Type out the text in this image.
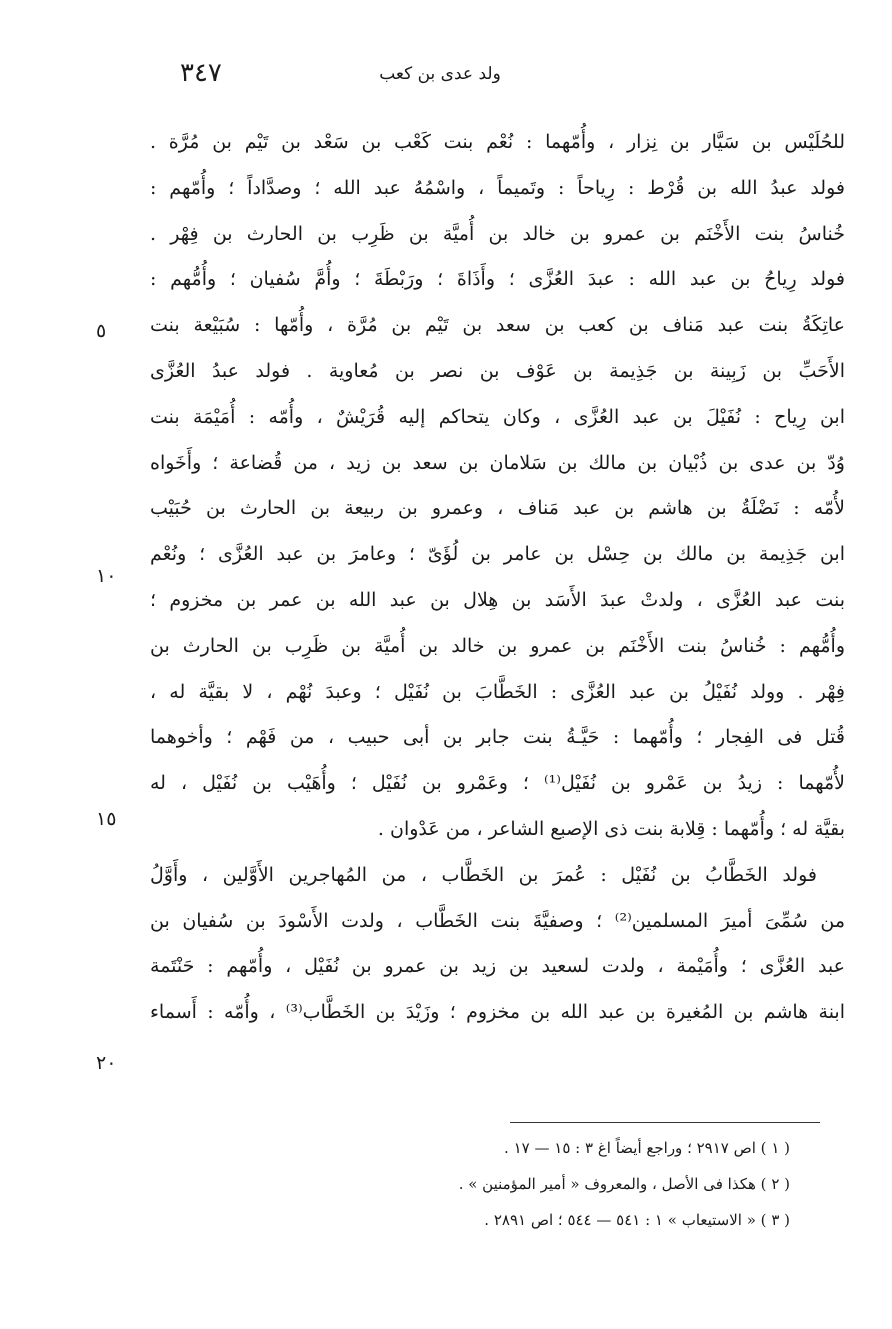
٣٤٧	ولد عدى بن كعب
للحُلَيْس بن سَيَّار بن نِزار ، وأُمّهما : نُعْم بنت كَعْب بن سَعْد بن تَيْم بن مُرَّة .
فولد عبدُ الله بن قُرْط : رِياحاً : وتَميماً ، واسْمُهُ عبد الله ؛ وصدَّاداً ؛ وأُمّهم :
خُناسُ بنت الأَخْنَم بن عمرو بن خالد بن أُميَّة بن ظَرِب بن الحارث بن فِهْر .
فولد رِياحُ بن عبد الله : عبدَ العُزَّى ؛ وأَذَاةَ ؛ ورَبْطَةَ ؛ وأُمَّ سُفيان ؛ وأُمُّهم :
عاتِكَةُ بنت عبد مَناف بن كعب بن سعد بن تَيْم بن مُرَّة ، وأُمّها : سُبَيْعة بنت
الأَحَبِّ بن زَبِينة بن جَذِيمة بن عَوْف بن نصر بن مُعاوية . فولد عبدُ العُزَّى
ابن رِياح : نُفَيْلَ بن عبد العُزَّى ، وكان يتحاكم إليه قُرَيْشٌ ، وأُمّه : أُمَيْمَة بنت
وُدّ بن عدى بن ذُبْيان بن مالك بن سَلامان بن سعد بن زيد ، من قُضاعة ؛ وأَخَواه
لأُمّه : نَضْلَةُ بن هاشم بن عبد مَناف ، وعمرو بن ربيعة بن الحارث بن حُبَيْب
ابن جَذِيمة بن مالك بن حِسْل بن عامر بن لُؤَىّ ؛ وعامرَ بن عبد العُزَّى ؛ ونُعْم
بنت عبد العُزَّى ، ولدتْ عبدَ الأَسَد بن هِلال بن عبد الله بن عمر بن مخزوم ؛
وأُمُّهم : خُناسُ بنت الأَخْنَم بن عمرو بن خالد بن أُميَّة بن ظَرِب بن الحارث بن
فِهْر . وولد نُفَيْلُ بن عبد العُزَّى : الخَطَّابَ بن نُفَيْل ؛ وعبدَ نُهْم ، لا بقيَّة له ،
قُتل فى الفِجار ؛ وأُمّهما : حَيَّـةُ بنت جابر بن أبى حبيب ، من فَهْم ؛ وأخوهما
لأُمّهما : زيدُ بن عَمْرو بن نُفَيْل⁽¹⁾ ؛ وعَمْرو بن نُفَيْل ؛ وأُهَيْب بن نُفَيْل ، له
بقيَّة له ؛ وأُمّهما : قِلابة بنت ذى الإصبع الشاعر ، من عَدْوان .
فولد الخَطَّابُ بن نُفَيْل : عُمرَ بن الخَطَّاب ، من المُهاجرين الأَوَّلين ، وأَوَّلُ
من سُمِّىَ أميرَ المسلمين⁽²⁾ ؛ وصفيَّةَ بنت الخَطَّاب ، ولدت الأَسْودَ بن سُفيان بن
عبد العُزَّى ؛ وأُمَيْمة ، ولدت لسعيد بن زيد بن عمرو بن نُفَيْل ، وأُمّهم : حَنْتَمة
ابنة هاشم بن المُغيرة بن عبد الله بن مخزوم ؛ وزَيْدَ بن الخَطَّاب⁽³⁾ ، وأُمّه : أَسماء
٥
١٠
١٥
٢٠
( ١ ) اص ٢٩١٧ ؛ وراجع أيضاً اغ ٣ : ١٥ — ١٧ .
( ٢ ) هكذا فى الأصل ، والمعروف « أمير المؤمنين » .
( ٣ ) « الاستيعاب » ١ : ٥٤١ — ٥٤٤ ؛ اص ٢٨٩١ .
